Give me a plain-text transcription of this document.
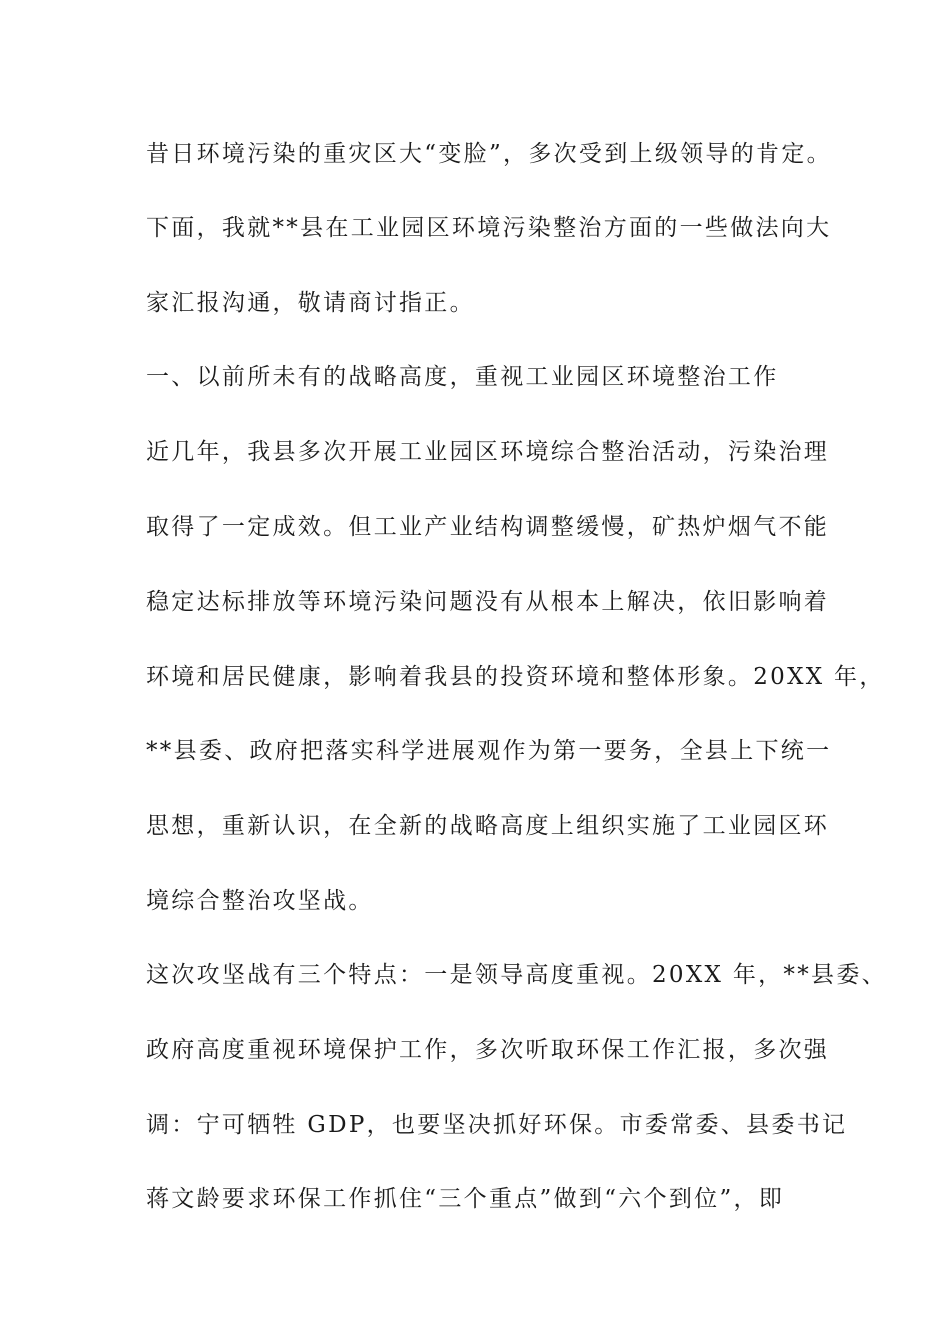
昔日环境污染的重灾区大“变脸”，多次受到上级领导的肯定。
下面，我就**县在工业园区环境污染整治方面的一些做法向大
家汇报沟通，敬请商讨指正。
一、以前所未有的战略高度，重视工业园区环境整治工作
近几年，我县多次开展工业园区环境综合整治活动，污染治理
取得了一定成效。但工业产业结构调整缓慢，矿热炉烟气不能
稳定达标排放等环境污染问题没有从根本上解决，依旧影响着
环境和居民健康，影响着我县的投资环境和整体形象。20XX 年，
**县委、政府把落实科学进展观作为第一要务，全县上下统一
思想，重新认识，在全新的战略高度上组织实施了工业园区环
境综合整治攻坚战。
这次攻坚战有三个特点：一是领导高度重视。20XX 年，**县委、
政府高度重视环境保护工作，多次听取环保工作汇报，多次强
调：宁可牺牲 GDP，也要坚决抓好环保。市委常委、县委书记
蒋文龄要求环保工作抓住“三个重点”做到“六个到位”，即
